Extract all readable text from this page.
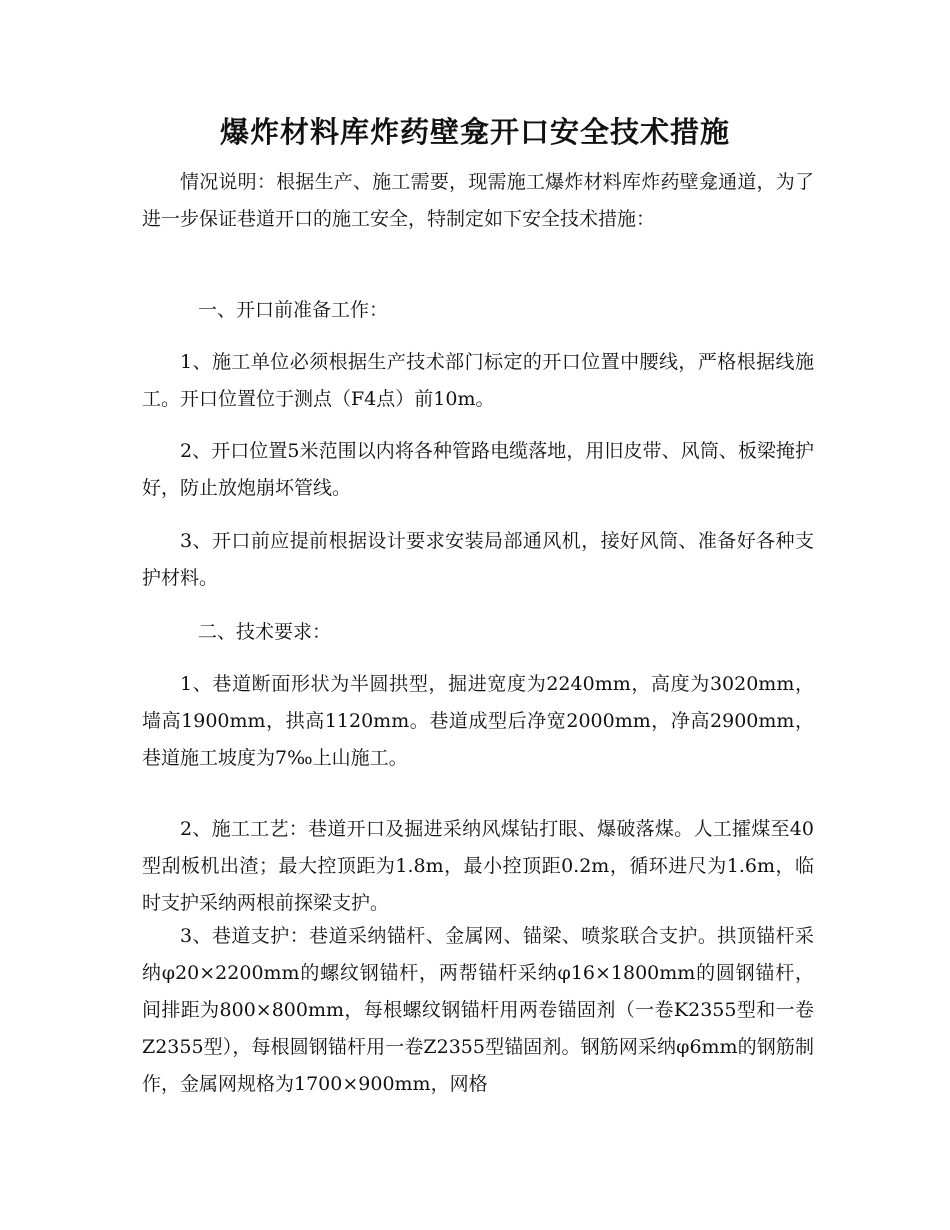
爆炸材料库炸药壁龛开口安全技术措施

情况说明：根据生产、施工需要，现需施工爆炸材料库炸药壁龛通道，为了进一步保证巷道开口的施工安全，特制定如下安全技术措施：

一、开口前准备工作：

1、施工单位必须根据生产技术部门标定的开口位置中腰线，严格根据线施工。开口位置位于测点（F4点）前10m。

2、开口位置5米范围以内将各种管路电缆落地，用旧皮带、风筒、板梁掩护好，防止放炮崩坏管线。

3、开口前应提前根据设计要求安装局部通风机，接好风筒、准备好各种支护材料。

二、技术要求：

1、巷道断面形状为半圆拱型，掘进宽度为2240mm，高度为3020mm，墙高1900mm，拱高1120mm。巷道成型后净宽2000mm，净高2900mm，巷道施工坡度为7‰上山施工。

2、施工工艺：巷道开口及掘进采纳风煤钻打眼、爆破落煤。人工攉煤至40型刮板机出渣；最大控顶距为1.8m，最小控顶距0.2m，循环进尺为1.6m，临时支护采纳两根前探梁支护。

3、巷道支护：巷道采纳锚杆、金属网、锚梁、喷浆联合支护。拱顶锚杆采纳φ20×2200mm的螺纹钢锚杆，两帮锚杆采纳φ16×1800mm的圆钢锚杆，间排距为800×800mm，每根螺纹钢锚杆用两卷锚固剂（一卷K2355型和一卷Z2355型），每根圆钢锚杆用一卷Z2355型锚固剂。钢筋网采纳φ6mm的钢筋制作，金属网规格为1700×900mm，网格
